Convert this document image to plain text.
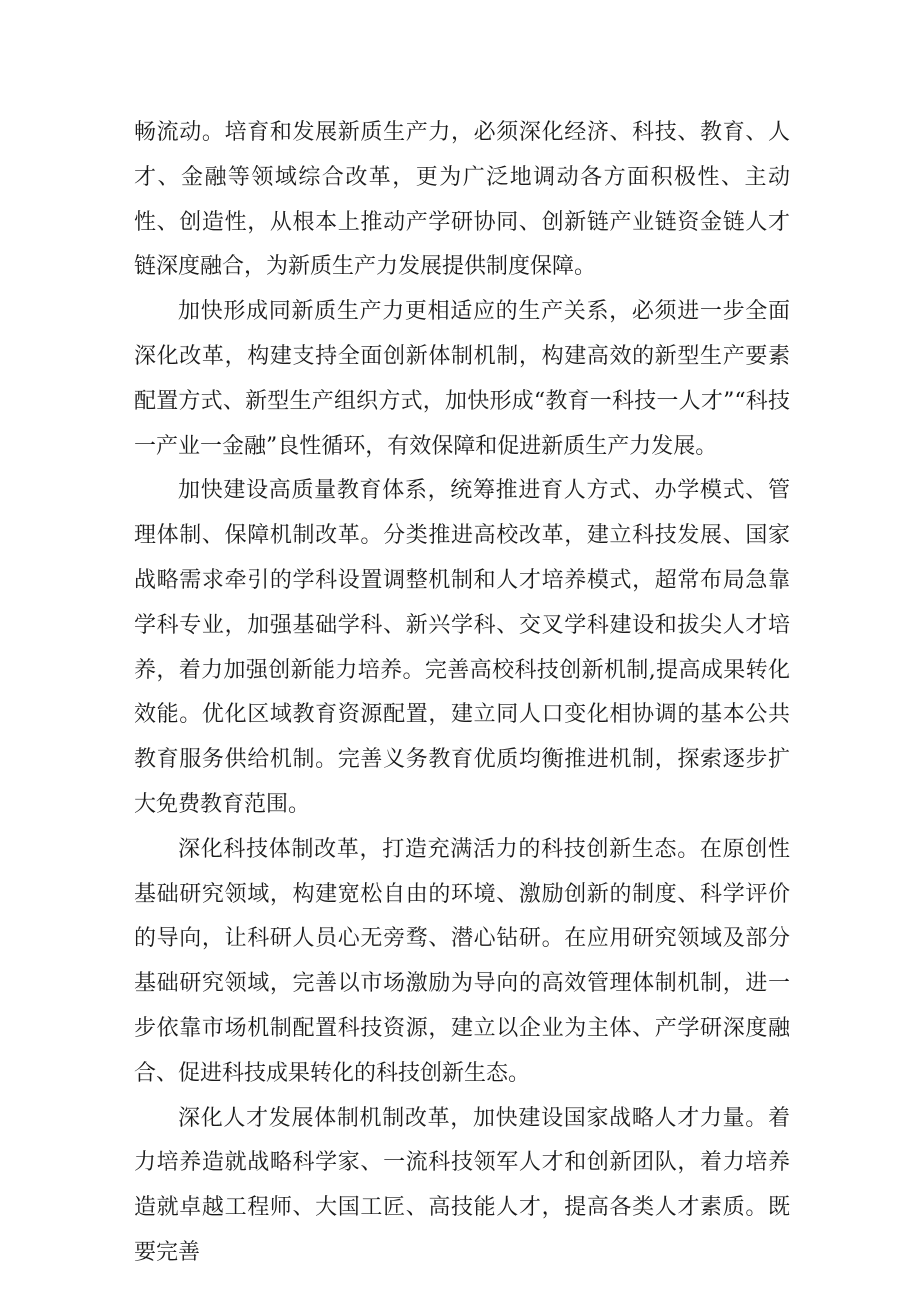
畅流动。培育和发展新质生产力，必须深化经济、科技、教育、人才、金融等领域综合改革，更为广泛地调动各方面积极性、主动性、创造性，从根本上推动产学研协同、创新链产业链资金链人才链深度融合，为新质生产力发展提供制度保障。

加快形成同新质生产力更相适应的生产关系，必须进一步全面深化改革，构建支持全面创新体制机制，构建高效的新型生产要素配置方式、新型生产组织方式，加快形成“教育一科技一人才”“科技一产业一金融”良性循环，有效保障和促进新质生产力发展。

加快建设高质量教育体系，统筹推进育人方式、办学模式、管理体制、保障机制改革。分类推进高校改革，建立科技发展、国家战略需求牵引的学科设置调整机制和人才培养模式，超常布局急靠学科专业，加强基础学科、新兴学科、交叉学科建设和拔尖人才培养，着力加强创新能力培养。完善高校科技创新机制,提高成果转化效能。优化区域教育资源配置，建立同人口变化相协调的基本公共教育服务供给机制。完善义务教育优质均衡推进机制，探索逐步扩大免费教育范围。

深化科技体制改革，打造充满活力的科技创新生态。在原创性基础研究领域，构建宽松自由的环境、激励创新的制度、科学评价的导向，让科研人员心无旁骛、潜心钻研。在应用研究领域及部分基础研究领域，完善以市场激励为导向的高效管理体制机制，进一步依靠市场机制配置科技资源，建立以企业为主体、产学研深度融合、促进科技成果转化的科技创新生态。

深化人才发展体制机制改革，加快建设国家战略人才力量。着力培养造就战略科学家、一流科技领军人才和创新团队，着力培养造就卓越工程师、大国工匠、高技能人才，提高各类人才素质。既要完善
